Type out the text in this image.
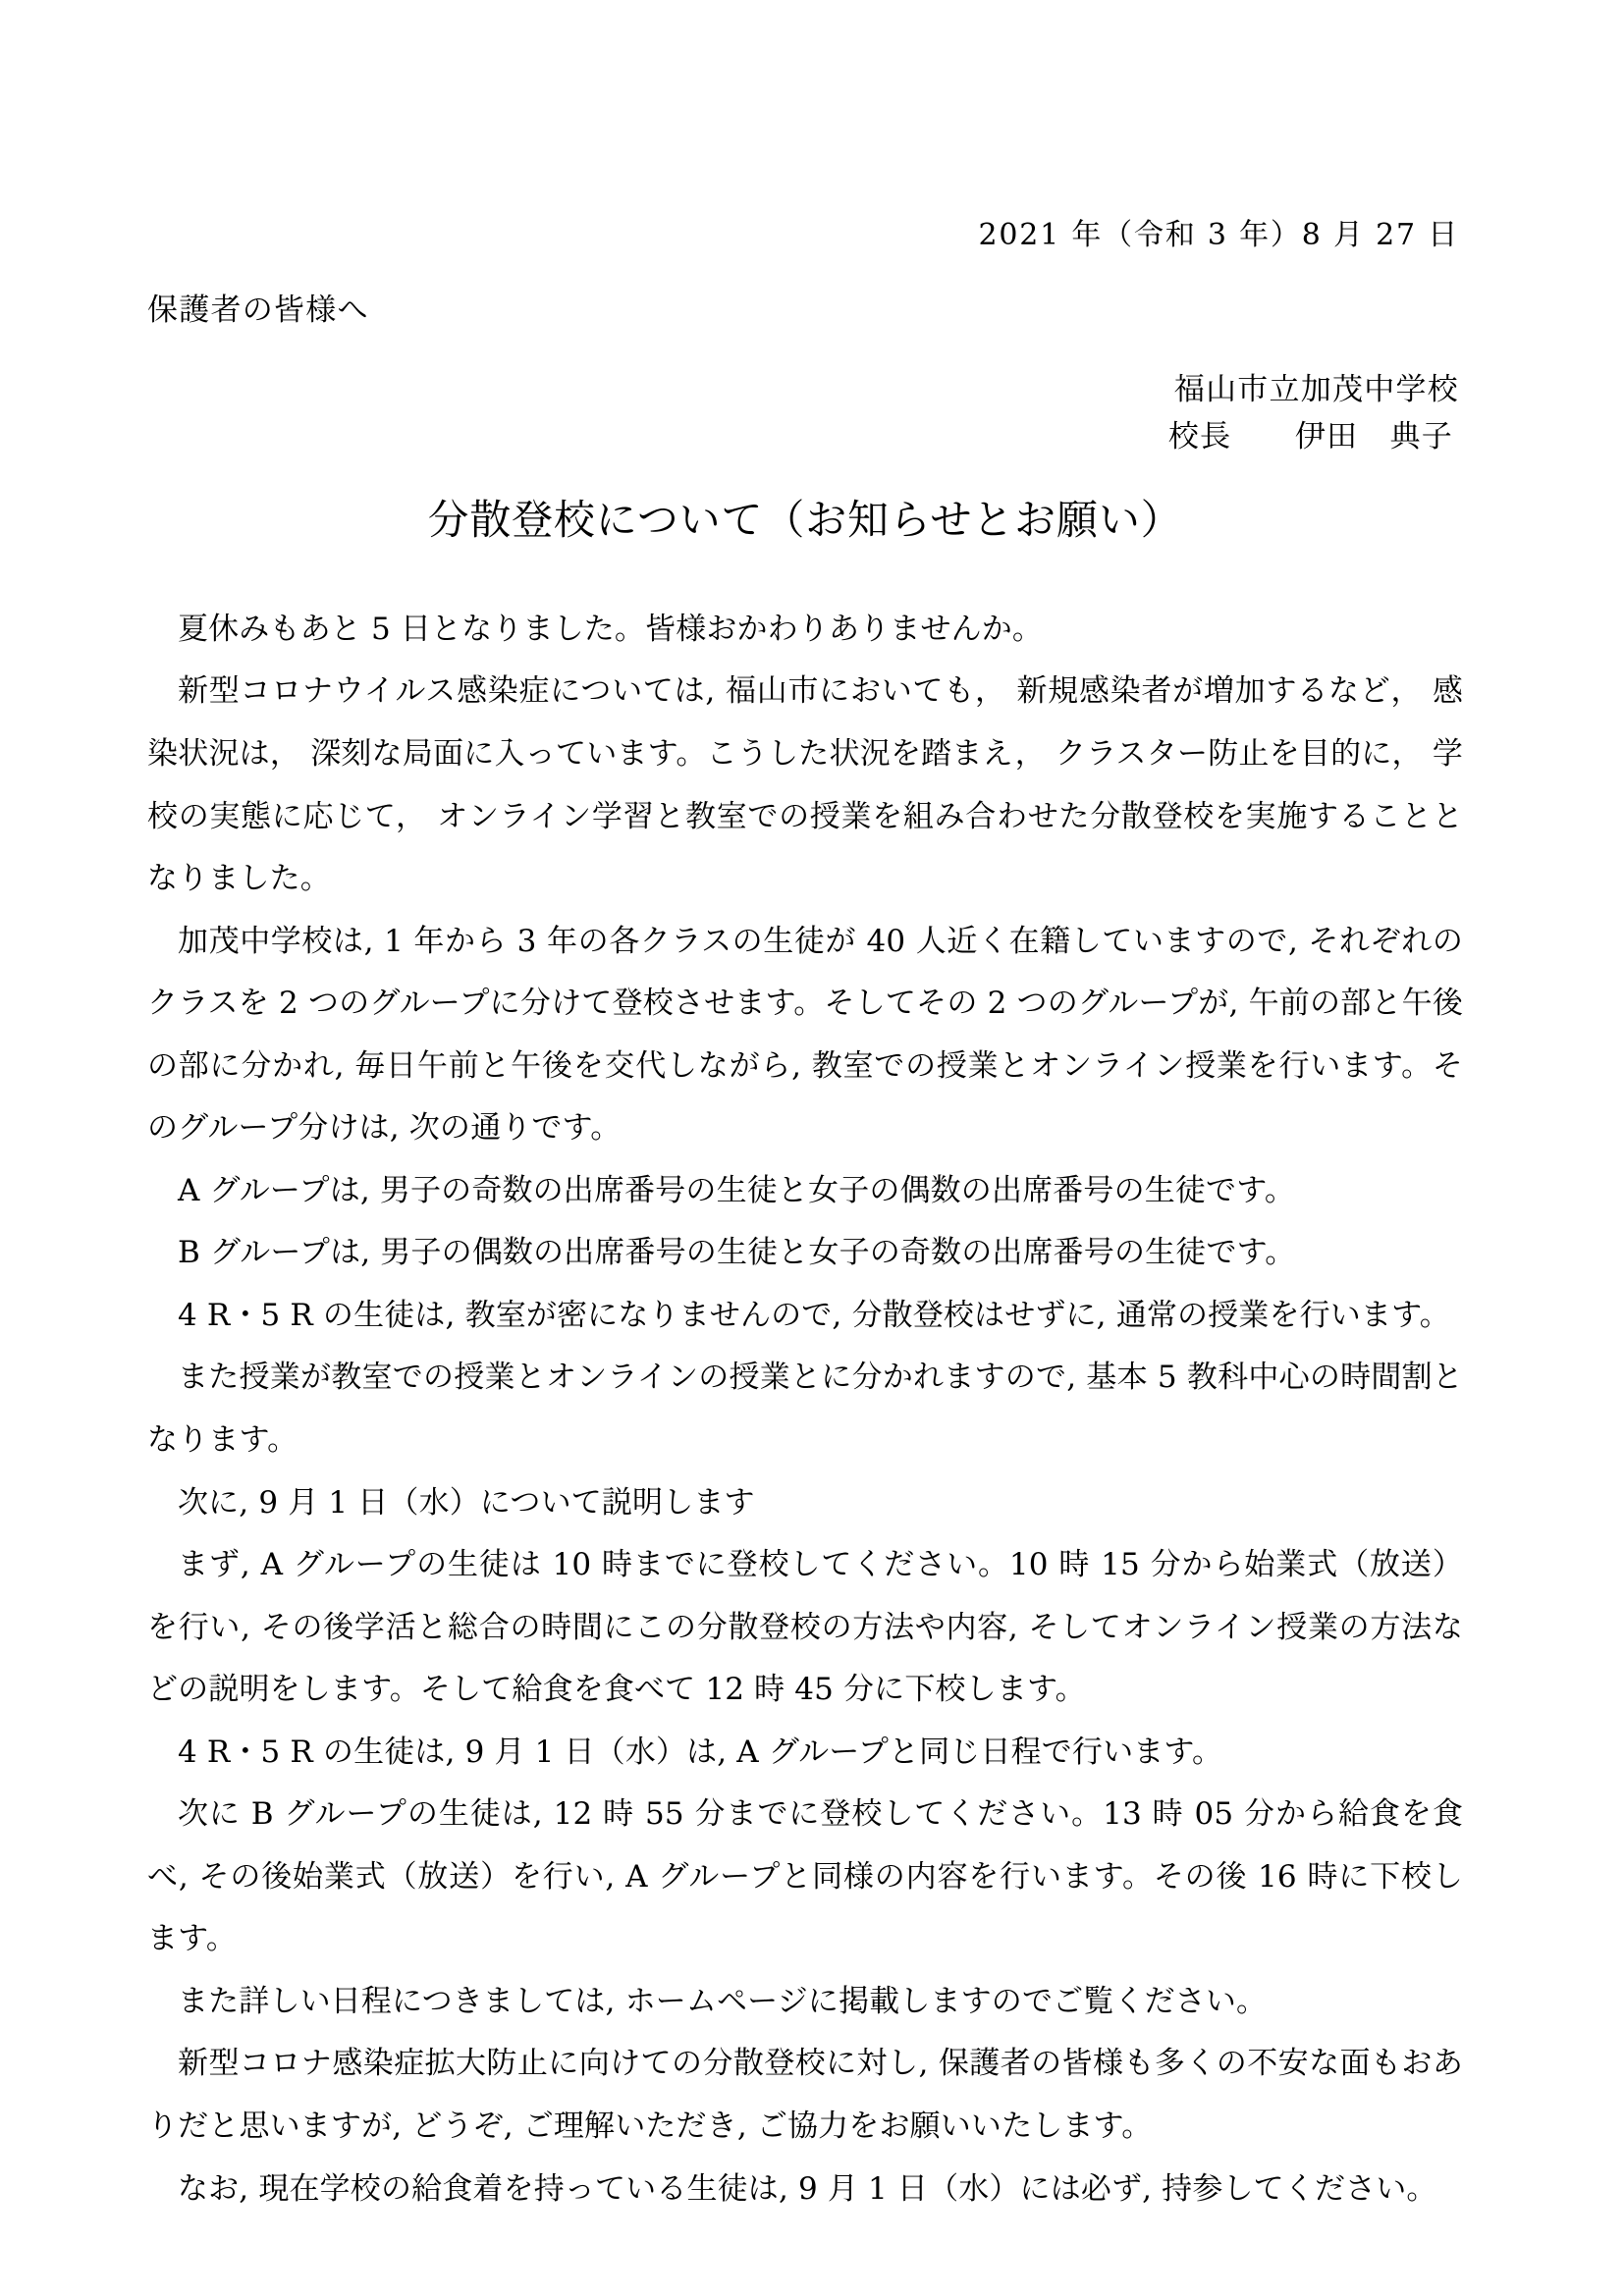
2021 年（令和 3 年）8 月 27 日
保護者の皆様へ
福山市立加茂中学校
校長　　伊田　典子
分散登校について（お知らせとお願い）

夏休みもあと 5 日となりました。皆様おかわりありませんか。

新型コロナウイルス感染症については, 福山市においても， 新規感染者が増加するなど， 感染状況は， 深刻な局面に入っています。こうした状況を踏まえ， クラスター防止を目的に， 学校の実態に応じて， オンライン学習と教室での授業を組み合わせた分散登校を実施することとなりました。

加茂中学校は, 1 年から 3 年の各クラスの生徒が 40 人近く在籍していますので, それぞれのクラスを 2 つのグループに分けて登校させます。そしてその 2 つのグループが, 午前の部と午後の部に分かれ, 毎日午前と午後を交代しながら, 教室での授業とオンライン授業を行います。そのグループ分けは, 次の通りです。

A グループは, 男子の奇数の出席番号の生徒と女子の偶数の出席番号の生徒です。

B グループは, 男子の偶数の出席番号の生徒と女子の奇数の出席番号の生徒です。

4 R・5 R の生徒は, 教室が密になりませんので, 分散登校はせずに, 通常の授業を行います。

また授業が教室での授業とオンラインの授業とに分かれますので, 基本 5 教科中心の時間割となります。

次に, 9 月 1 日（水）について説明します

まず, A グループの生徒は 10 時までに登校してください。10 時 15 分から始業式（放送）を行い, その後学活と総合の時間にこの分散登校の方法や内容, そしてオンライン授業の方法などの説明をします。そして給食を食べて 12 時 45 分に下校します。

4 R・5 R の生徒は, 9 月 1 日（水）は, A グループと同じ日程で行います。

次に B グループの生徒は, 12 時 55 分までに登校してください。13 時 05 分から給食を食べ, その後始業式（放送）を行い, A グループと同様の内容を行います。その後 16 時に下校します。

また詳しい日程につきましては, ホームページに掲載しますのでご覧ください。

新型コロナ感染症拡大防止に向けての分散登校に対し, 保護者の皆様も多くの不安な面もおありだと思いますが, どうぞ, ご理解いただき, ご協力をお願いいたします。

なお, 現在学校の給食着を持っている生徒は, 9 月 1 日（水）には必ず, 持参してください。
